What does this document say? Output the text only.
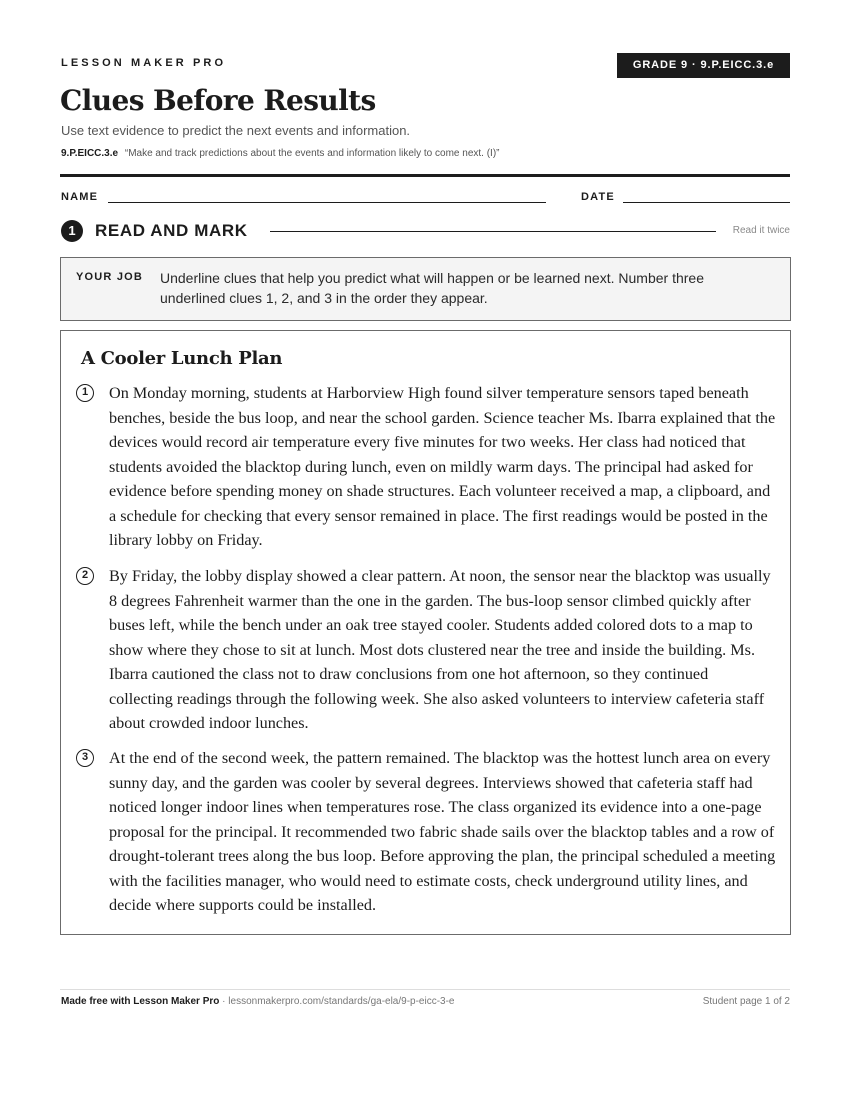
LESSON MAKER PRO	GRADE 9 · 9.P.EICC.3.e
Clues Before Results
Use text evidence to predict the next events and information.
9.P.EICC.3.e “Make and track predictions about the events and information likely to come next. (I)”
NAME	DATE
1	READ AND MARK	Read it twice
YOUR JOB Underline clues that help you predict what will happen or be learned next. Number three underlined clues 1, 2, and 3 in the order they appear.
A Cooler Lunch Plan
1	On Monday morning, students at Harborview High found silver temperature sensors taped beneath benches, beside the bus loop, and near the school garden. Science teacher Ms. Ibarra explained that the devices would record air temperature every five minutes for two weeks. Her class had noticed that students avoided the blacktop during lunch, even on mildly warm days. The principal had asked for evidence before spending money on shade structures. Each volunteer received a map, a clipboard, and a schedule for checking that every sensor remained in place. The first readings would be posted in the library lobby on Friday.
2	By Friday, the lobby display showed a clear pattern. At noon, the sensor near the blacktop was usually 8 degrees Fahrenheit warmer than the one in the garden. The bus-loop sensor climbed quickly after buses left, while the bench under an oak tree stayed cooler. Students added colored dots to a map to show where they chose to sit at lunch. Most dots clustered near the tree and inside the building. Ms. Ibarra cautioned the class not to draw conclusions from one hot afternoon, so they continued collecting readings through the following week. She also asked volunteers to interview cafeteria staff about crowded indoor lunches.
3	At the end of the second week, the pattern remained. The blacktop was the hottest lunch area on every sunny day, and the garden was cooler by several degrees. Interviews showed that cafeteria staff had noticed longer indoor lines when temperatures rose. The class organized its evidence into a one-page proposal for the principal. It recommended two fabric shade sails over the blacktop tables and a row of drought-tolerant trees along the bus loop. Before approving the plan, the principal scheduled a meeting with the facilities manager, who would need to estimate costs, check underground utility lines, and decide where supports could be installed.
Made free with Lesson Maker Pro · lessonmakerpro.com/standards/ga-ela/9-p-eicc-3-e	Student page 1 of 2
